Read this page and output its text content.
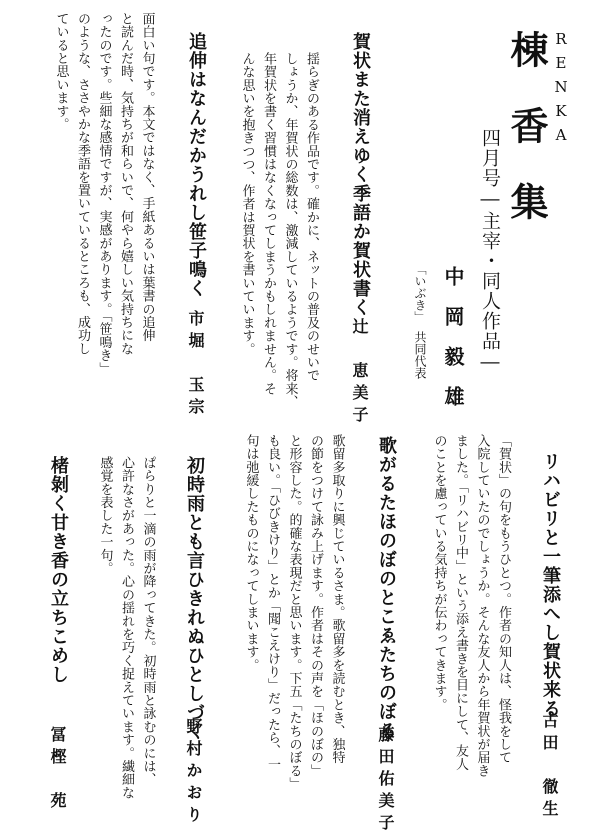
RENKA
棟　香　集
四月号―主宰・同人作品―
中　岡　毅　雄
「いぶき」
共同代表
賀状また消えゆく季語か賀状書く
辻　恵美子
揺らぎのある作品です。確かに、ネットの普及のせいで
しょうか、年賀状の総数は、激減しているようです。将来、
年賀状を書く習慣はなくなってしまうかもしれません。そ
んな思いを抱きつつ、作者は賀状を書いています。
追伸はなんだかうれし笹子鳴く
市堀　玉宗
面白い句です。本文ではなく、手紙あるいは葉書の追伸
と読んだ時、気持ちが和らいで、何やら嬉しい気持ちにな
ったのです。些細な感情ですが、実感があります。「笹鳴き」
のような、ささやかな季語を置いているところも、成功し
ていると思います。
リハビリと一筆添へし賀状来る
古田　徹生
「賀状」の句をもうひとつ。作者の知人は、怪我をして
入院していたのでしょうか。そんな友人から年賀状が届き
ました。「リハビリ中」という添え書きを目にして、友人
のことを慮っている気持ちが伝わってきます。
歌がるたほのぼのとこゑたちのぼる
藤田佑美子
歌留多取りに興じているさま。歌留多を読むとき、独特
の節をつけて詠み上げます。作者はその声を「ほのぼの」
と形容した。的確な表現だと思います。下五「たちのぼる」
も良い。「ひびきけり」とか「聞こえけり」だったら、一
句は弛緩したものになってしまいます。
初時雨とも言ひきれぬひとしづく
野村かおり
ぱらりと一滴の雨が降ってきた。初時雨と詠むのには、
心許なさがあった。心の揺れを巧く捉えています。繊細な
感覚を表した一句。
楮剝く甘き香の立ちこめし
冨樫　苑
